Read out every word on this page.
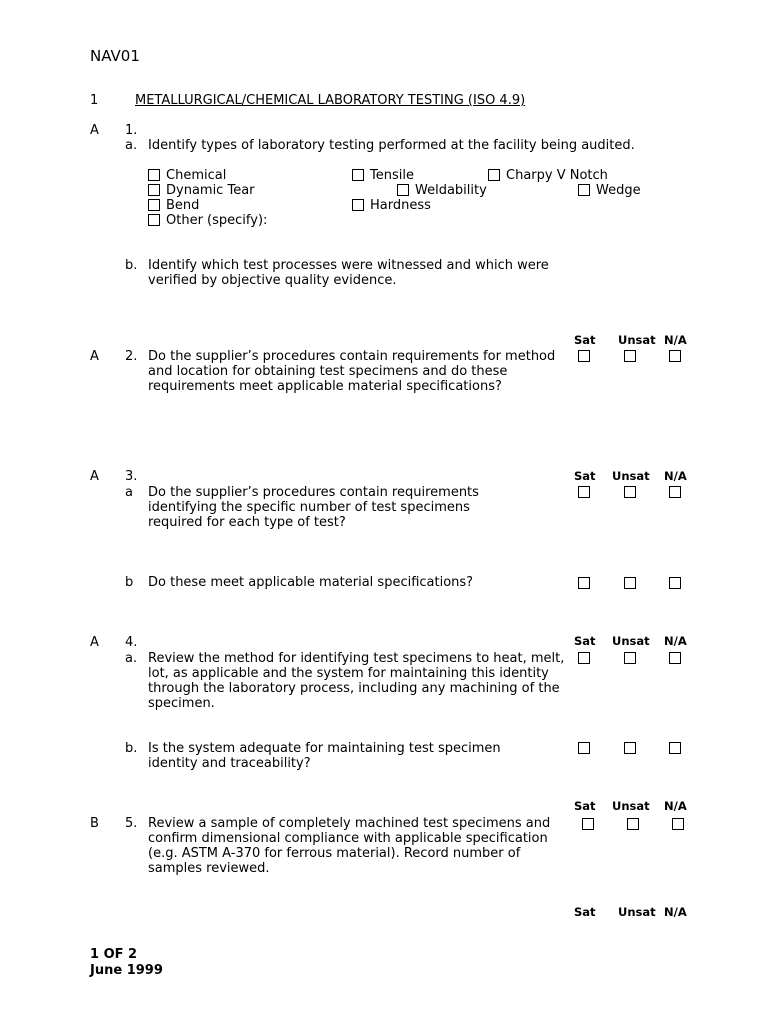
NAV01
1	METALLURGICAL/CHEMICAL LABORATORY TESTING (ISO 4.9)
A 1.
a. Identify types of laboratory testing performed at the facility being audited.
Chemical	Tensile	Charpy V Notch
Dynamic Tear	Weldability	Wedge
Bend	Hardness
Other (specify):
b. Identify which test processes were witnessed and which were verified by objective quality evidence.
Sat Unsat N/A
A 2. Do the supplier’s procedures contain requirements for method and location for obtaining test specimens and do these requirements meet applicable material specifications?
Sat Unsat N/A
A 3.
a Do the supplier’s procedures contain requirements identifying the specific number of test specimens required for each type of test?
b Do these meet applicable material specifications?
Sat Unsat N/A
A 4.
a. Review the method for identifying test specimens to heat, melt, lot, as applicable and the system for maintaining this identity through the laboratory process, including any machining of the specimen.
b. Is the system adequate for maintaining test specimen identity and traceability?
Sat Unsat N/A
B 5. Review a sample of completely machined test specimens and confirm dimensional compliance with applicable specification (e.g. ASTM A-370 for ferrous material). Record number of samples reviewed.
Sat Unsat N/A
1 OF 2
June 1999
